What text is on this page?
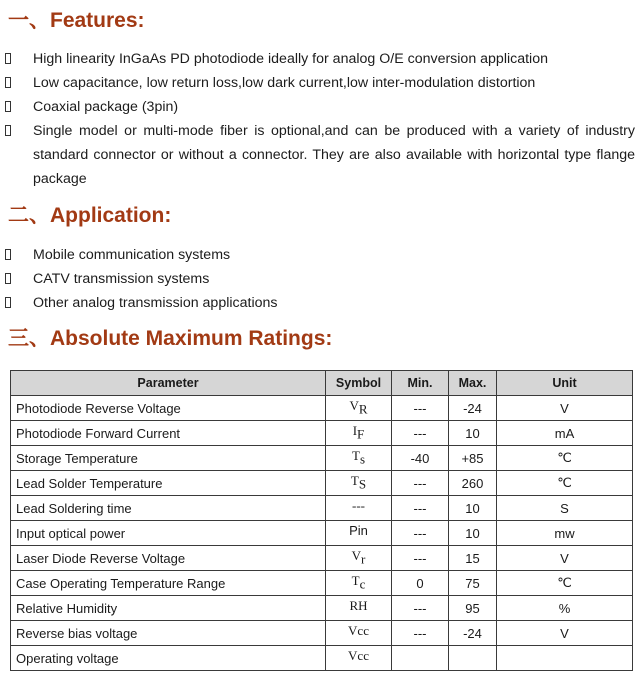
一、Features:
High linearity InGaAs PD photodiode ideally for analog O/E conversion application
Low capacitance, low return loss,low dark current,low inter-modulation distortion
Coaxial package (3pin)
Single model or multi-mode fiber is optional,and can be produced with a variety of industry standard connector or without a connector. They are also available with horizontal type flange package
二、Application:
Mobile communication systems
CATV transmission systems
Other analog transmission applications
三、Absolute Maximum Ratings:
Parameter	Symbol	Min.	Max.	Unit
Photodiode Reverse Voltage	$V_R$	---	-24	V
Photodiode Forward Current	$I_F$	---	10	mA
Storage Temperature	$T_s$	-40	+85	℃
Lead Solder Temperature	$T_S$	---	260	℃
Lead Soldering time	---	---	10	S
Input optical power	Pin	---	10	mw
Laser Diode Reverse Voltage	$V_r$	---	15	V
Case Operating Temperature Range	$T_c$	0	75	℃
Relative Humidity	RH	---	95	%
Reverse bias voltage	Vcc	---	-24	V
Operating voltage	Vcc			
